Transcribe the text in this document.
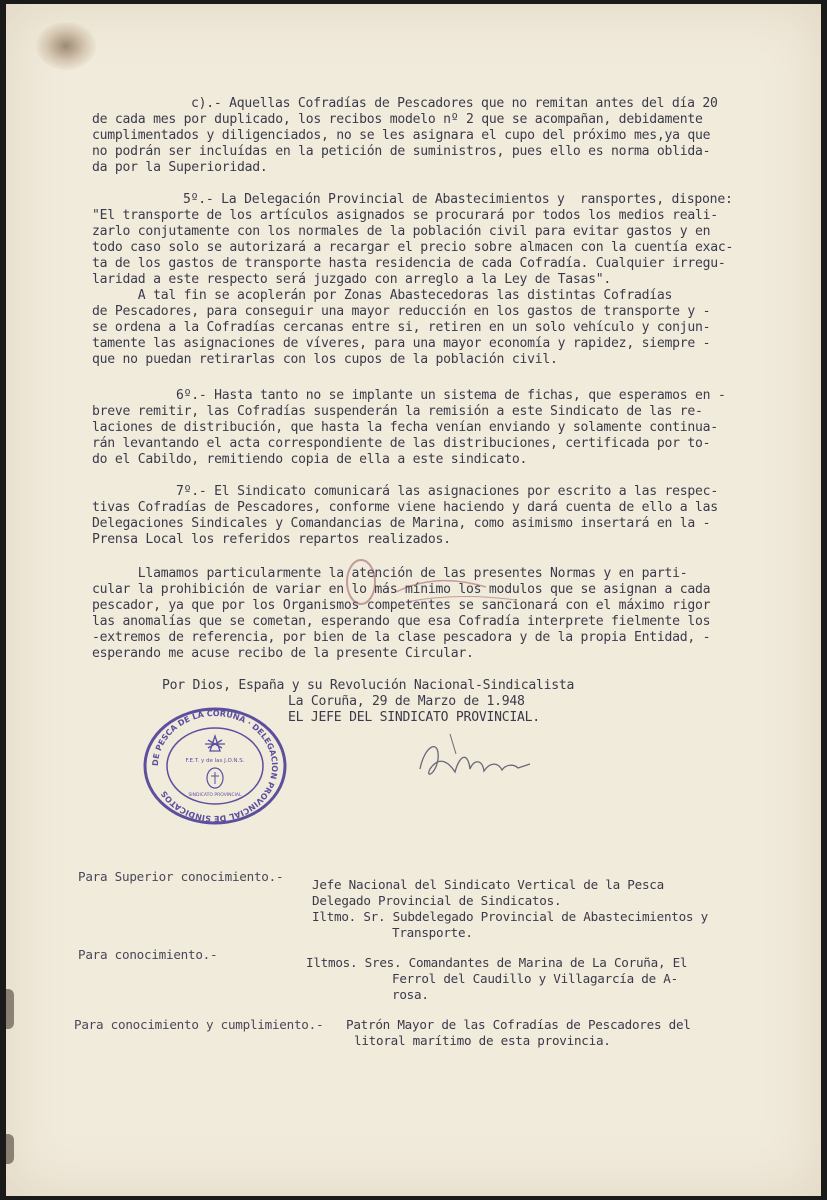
c).- Aquellas Cofradías de Pescadores que no remitan antes del día 20
de cada mes por duplicado, los recibos modelo nº 2 que se acompañan, debidamente
cumplimentados y diligenciados, no se les asignara el cupo del próximo mes,ya que
no podrán ser incluídas en la petición de suministros, pues ello es norma oblida-
da por la Superioridad.
5º.- La Delegación Provincial de Abastecimientos y  ransportes, dispone:
"El transporte de los artículos asignados se procurará por todos los medios reali-
zarlo conjutamente con los normales de la población civil para evitar gastos y en
todo caso solo se autorizará a recargar el precio sobre almacen con la cuentía exac-
ta de los gastos de transporte hasta residencia de cada Cofradía. Cualquier irregu-
laridad a este respecto será juzgado con arreglo a la Ley de Tasas".
A tal fin se acoplerán por Zonas Abastecedoras las distintas Cofradías
de Pescadores, para conseguir una mayor reducción en los gastos de transporte y -
se ordena a la Cofradías cercanas entre si, retiren en un solo vehículo y conjun-
tamente las asignaciones de víveres, para una mayor economía y rapidez, siempre -
que no puedan retirarlas con los cupos de la población civil.
6º.- Hasta tanto no se implante un sistema de fichas, que esperamos en -
breve remitir, las Cofradías suspenderán la remisión a este Sindicato de las re-
laciones de distribución, que hasta la fecha venían enviando y solamente continua-
rán levantando el acta correspondiente de las distribuciones, certificada por to-
do el Cabildo, remitiendo copia de ella a este sindicato.
7º.- El Sindicato comunicará las asignaciones por escrito a las respec-
tivas Cofradías de Pescadores, conforme viene haciendo y dará cuenta de ello a las
Delegaciones Sindicales y Comandancias de Marina, como asimismo insertará en la -
Prensa Local los referidos repartos realizados.
Llamamos particularmente la atención de las presentes Normas y en parti-
cular la prohibición de variar en lo más mínimo los modulos que se asignan a cada
pescador, ya que por los Organismos competentes se sancionará con el máximo rigor
las anomalías que se cometan, esperando que esa Cofradía interprete fielmente los
-extremos de referencia, por bien de la clase pescadora y de la propia Entidad, -
esperando me acuse recibo de la presente Circular.
Por Dios, España y su Revolución Nacional-Sindicalista
La Coruña, 29 de Marzo de 1.948
EL JEFE DEL SINDICATO PROVINCIAL.
DE PESCA DE LA CORUÑA · DELEGACION PROVINCIAL DE SINDICATOS
F.E.T. y de las J.O.N.S.
SINDICATO PROVINCIAL
Para Superior conocimiento.-
Jefe Nacional del Sindicato Vertical de la Pesca
Delegado Provincial de Sindicatos.
Iltmo. Sr. Subdelegado Provincial de Abastecimientos y
Transporte.
Para conocimiento.-
Iltmos. Sres. Comandantes de Marina de La Coruña, El
Ferrol del Caudillo y Villagarcía de A-
rosa.
Para conocimiento y cumplimiento.- Patrón Mayor de las Cofradías de Pescadores del
litoral marítimo de esta provincia.
